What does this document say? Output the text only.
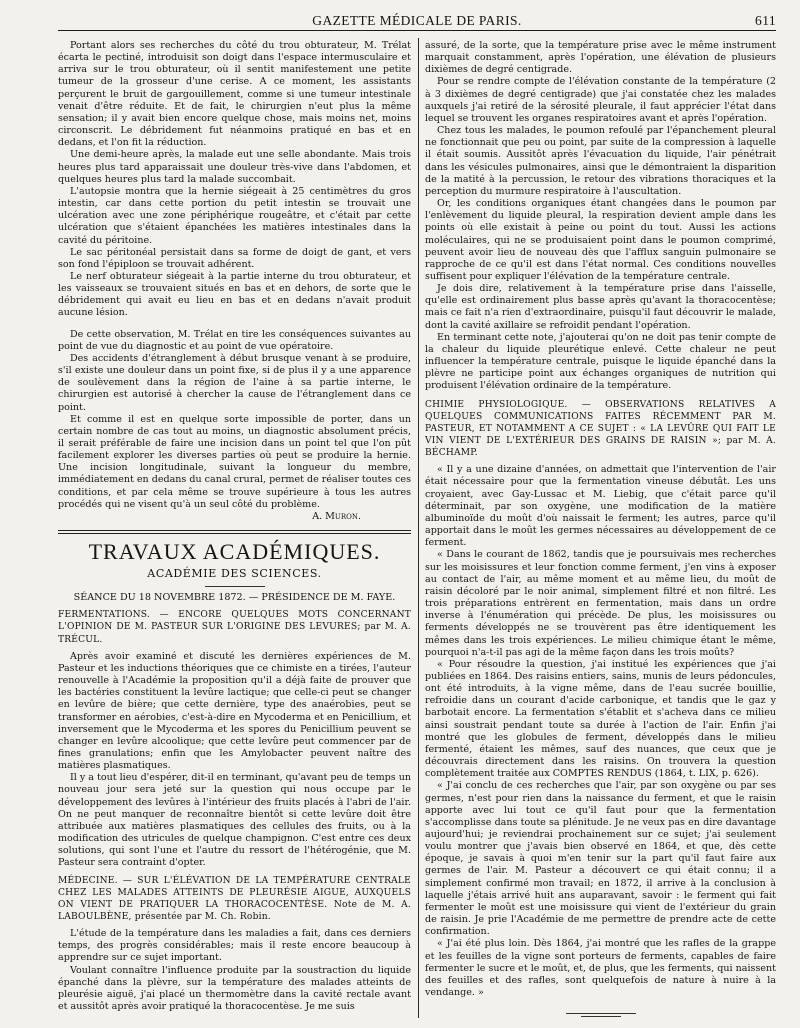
GAZETTE MÉDICALE DE PARIS.	611

Portant alors ses recherches du côté du trou obturateur, M. Trélat écarta le pectiné, introduisit son doigt dans l'espace intermusculaire et arriva sur le trou obturateur, où il sentit manifestement une petite tumeur de la grosseur d'une cerise. A ce moment, les assistants perçurent le bruit de gargouillement, comme si une tumeur intestinale venait d'être réduite. Et de fait, le chirurgien n'eut plus la même sensation; il y avait bien encore quelque chose, mais moins net, moins circonscrit. Le débridement fut néanmoins pratiqué en bas et en dedans, et l'on fit la réduction.

Une demi-heure après, la malade eut une selle abondante. Mais trois heures plus tard apparaissait une douleur très-vive dans l'abdomen, et quelques heures plus tard la malade succombait.

L'autopsie montra que la hernie siégeait à 25 centimètres du gros intestin, car dans cette portion du petit intestin se trouvait une ulcération avec une zone périphérique rougeâtre, et c'était par cette ulcération que s'étaient épanchées les matières intestinales dans la cavité du péritoine.

Le sac péritonéal persistait dans sa forme de doigt de gant, et vers son fond l'épiploon se trouvait adhérent.

Le nerf obturateur siégeait à la partie interne du trou obturateur, et les vaisseaux se trouvaient situés en bas et en dehors, de sorte que le débridement qui avait eu lieu en bas et en dedans n'avait produit aucune lésion.

De cette observation, M. Trélat en tire les conséquences suivantes au point de vue du diagnostic et au point de vue opératoire.

Des accidents d'étranglement à début brusque venant à se produire, s'il existe une douleur dans un point fixe, si de plus il y a une apparence de soulèvement dans la région de l'aine à sa partie interne, le chirurgien est autorisé à chercher la cause de l'étranglement dans ce point.

Et comme il est en quelque sorte impossible de porter, dans un certain nombre de cas tout au moins, un diagnostic absolument précis, il serait préférable de faire une incision dans un point tel que l'on pût facilement explorer les diverses parties où peut se produire la hernie. Une incision longitudinale, suivant la longueur du membre, immédiatement en dedans du canal crural, permet de réaliser toutes ces conditions, et par cela même se trouve supérieure à tous les autres procédés qui ne visent qu'à un seul côté du problème.

A. Muron.

TRAVAUX ACADÉMIQUES.
ACADÉMIE DES SCIENCES.

SÉANCE DU 18 NOVEMBRE 1872. — PRÉSIDENCE DE M. FAYE.

FERMENTATIONS. — ENCORE QUELQUES MOTS CONCERNANT L'OPINION DE M. PASTEUR SUR L'ORIGINE DES LEVURES; par M. A. TRÉCUL.

Après avoir examiné et discuté les dernières expériences de M. Pasteur et les inductions théoriques que ce chimiste en a tirées, l'auteur renouvelle à l'Académie la proposition qu'il a déjà faite de prouver que les bactéries constituent la levûre lactique; que celle-ci peut se changer en levûre de bière; que cette dernière, type des anaérobies, peut se transformer en aérobies, c'est-à-dire en Mycoderma et en Penicillium, et inversement que le Mycoderma et les spores du Penicillium peuvent se changer en levûre alcoolique; que cette levûre peut commencer par de fines granulations; enfin que les Amylobacter peuvent naître des matières plasmatiques.

Il y a tout lieu d'espérer, dit-il en terminant, qu'avant peu de temps un nouveau jour sera jeté sur la question qui nous occupe par le développement des levûres à l'intérieur des fruits placés à l'abri de l'air. On ne peut manquer de reconnaître bientôt si cette levûre doit être attribuée aux matières plasmatiques des cellules des fruits, ou à la modification des utricules de quelque champignon. C'est entre ces deux solutions, qui sont l'une et l'autre du ressort de l'hétérogénie, que M. Pasteur sera contraint d'opter.

MÉDECINE. — SUR L'ÉLÉVATION DE LA TEMPÉRATURE CENTRALE CHEZ LES MALADES ATTEINTS DE PLEURÉSIE AIGUE, AUXQUELS ON VIENT DE PRATIQUER LA THORACOCENTÈSE. Note de M. A. LABOULBÈNE, présentée par M. Ch. Robin.

L'étude de la température dans les maladies a fait, dans ces derniers temps, des progrès considérables; mais il reste encore beaucoup à apprendre sur ce sujet important.

Voulant connaître l'influence produite par la soustraction du liquide épanché dans la plèvre, sur la température des malades atteints de pleurésie aiguë, j'ai placé un thermomètre dans la cavité rectale avant et aussitôt après avoir pratiqué la thoracocentèse. Je me suis

assuré, de la sorte, que la température prise avec le même instrument marquait constamment, après l'opération, une élévation de plusieurs dixièmes de degré centigrade.

Pour se rendre compte de l'élévation constante de la température (2 à 3 dixièmes de degré centigrade) que j'ai constatée chez les malades auxquels j'ai retiré de la sérosité pleurale, il faut apprécier l'état dans lequel se trouvent les organes respiratoires avant et après l'opération.

Chez tous les malades, le poumon refoulé par l'épanchement pleural ne fonctionnait que peu ou point, par suite de la compression à laquelle il était soumis. Aussitôt après l'évacuation du liquide, l'air pénétrait dans les vésicules pulmonaires, ainsi que le démontraient la disparition de la matité à la percussion, le retour des vibrations thoraciques et la perception du murmure respiratoire à l'auscultation.

Or, les conditions organiques étant changées dans le poumon par l'enlèvement du liquide pleural, la respiration devient ample dans les points où elle existait à peine ou point du tout. Aussi les actions moléculaires, qui ne se produisaient point dans le poumon comprimé, peuvent avoir lieu de nouveau dès que l'afflux sanguin pulmonaire se rapproche de ce qu'il est dans l'état normal. Ces conditions nouvelles suffisent pour expliquer l'élévation de la température centrale.

Je dois dire, relativement à la température prise dans l'aisselle, qu'elle est ordinairement plus basse après qu'avant la thoracocentèse; mais ce fait n'a rien d'extraordinaire, puisqu'il faut découvrir le malade, dont la cavité axillaire se refroidit pendant l'opération.

En terminant cette note, j'ajouterai qu'on ne doit pas tenir compte de la chaleur du liquide pleurétique enlevé. Cette chaleur ne peut influencer la température centrale, puisque le liquide épanché dans la plèvre ne participe point aux échanges organiques de nutrition qui produisent l'élévation ordinaire de la température.

CHIMIE PHYSIOLOGIQUE. — OBSERVATIONS RELATIVES A QUELQUES COMMUNICATIONS FAITES RÉCEMMENT PAR M. PASTEUR, ET NOTAMMENT A CE SUJET : « LA LEVÛRE QUI FAIT LE VIN VIENT DE L'EXTÉRIEUR DES GRAINS DE RAISIN »; par M. A. BÉCHAMP.

« Il y a une dizaine d'années, on admettait que l'intervention de l'air était nécessaire pour que la fermentation vineuse débutât. Les uns croyaient, avec Gay-Lussac et M. Liebig, que c'était parce qu'il déterminait, par son oxygène, une modification de la matière albuminoïde du moût d'où naissait le ferment; les autres, parce qu'il apportait dans le moût les germes nécessaires au développement de ce ferment.

« Dans le courant de 1862, tandis que je poursuivais mes recherches sur les moisissures et leur fonction comme ferment, j'en vins à exposer au contact de l'air, au même moment et au même lieu, du moût de raisin décoloré par le noir animal, simplement filtré et non filtré. Les trois préparations entrèrent en fermentation, mais dans un ordre inverse à l'énumération qui précède. De plus, les moisissures ou ferments développés ne se trouvèrent pas être identiquement les mêmes dans les trois expériences. Le milieu chimique étant le même, pourquoi n'a-t-il pas agi de la même façon dans les trois moûts?

« Pour résoudre la question, j'ai institué les expériences que j'ai publiées en 1864. Des raisins entiers, sains, munis de leurs pédoncules, ont été introduits, à la vigne même, dans de l'eau sucrée bouillie, refroidie dans un courant d'acide carbonique, et tandis que le gaz y barbotait encore. La fermentation s'établit et s'acheva dans ce milieu ainsi soustrait pendant toute sa durée à l'action de l'air. Enfin j'ai montré que les globules de ferment, développés dans le milieu fermenté, étaient les mêmes, sauf des nuances, que ceux que je découvrais directement dans les raisins. On trouvera la question complètement traitée aux COMPTES RENDUS (1864, t. LIX, p. 626).

« J'ai conclu de ces recherches que l'air, par son oxygène ou par ses germes, n'est pour rien dans la naissance du ferment, et que le raisin apporte avec lui tout ce qu'il faut pour que la fermentation s'accomplisse dans toute sa plénitude. Je ne veux pas en dire davantage aujourd'hui; je reviendrai prochainement sur ce sujet; j'ai seulement voulu montrer que j'avais bien observé en 1864, et que, dès cette époque, je savais à quoi m'en tenir sur la part qu'il faut faire aux germes de l'air. M. Pasteur a découvert ce qui était connu; il a simplement confirmé mon travail; en 1872, il arrive à la conclusion à laquelle j'étais arrivé huit ans auparavant, savoir : le ferment qui fait fermenter le moût est une moisissure qui vient de l'extérieur du grain de raisin. Je prie l'Académie de me permettre de prendre acte de cette confirmation.

« J'ai été plus loin. Dès 1864, j'ai montré que les rafles de la grappe et les feuilles de la vigne sont porteurs de ferments, capables de faire fermenter le sucre et le moût, et, de plus, que les ferments, qui naissent des feuilles et des rafles, sont quelquefois de nature à nuire à la vendange. »
